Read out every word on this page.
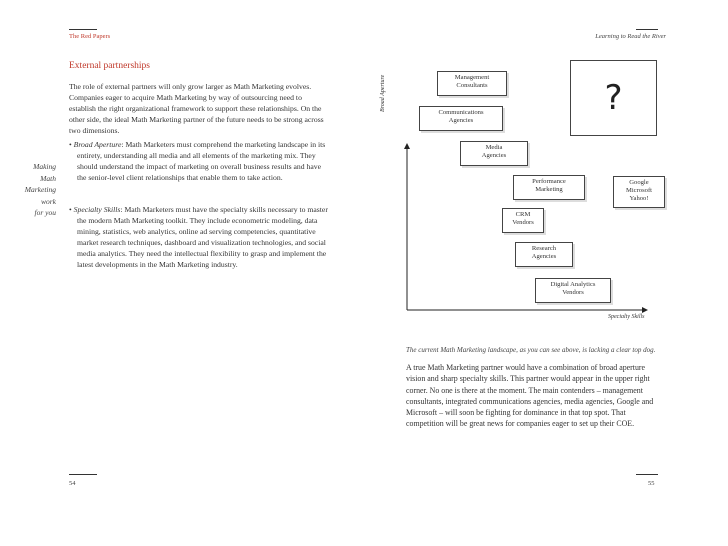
The Red Papers	Learning to Read the River
External partnerships
The role of external partners will only grow larger as Math Marketing evolves. Companies eager to acquire Math Marketing by way of outsourcing need to establish the right organizational framework to support these relationships. On the other side, the ideal Math Marketing partner of the future needs to be strong across two dimensions.
• Broad Aperture: Math Marketers must comprehend the marketing landscape in its entirety, understanding all media and all elements of the marketing mix. They should understand the impact of marketing on overall business results and have the senior-level client relationships that enable them to take action.
• Specialty Skills: Math Marketers must have the specialty skills necessary to master the modern Math Marketing toolkit. They include econometric modeling, data mining, statistics, web analytics, online ad serving competencies, quantitative market research techniques, dashboard and visualization technologies, and social media analytics. They need the intellectual flexibility to grasp and implement the latest developments in the Math Marketing industry.
Making
Math
Marketing
work
for you
54
Broad Aperture
Specialty Skills
?
Management
Consultants
Communications
Agencies
Media
Agencies
Performance
Marketing
Google
Microsoft
Yahoo!
CRM
Vendors
Research
Agencies
Digital Analytics
Vendors
The current Math Marketing landscape, as you can see above, is lacking a clear top dog.
A true Math Marketing partner would have a combination of broad aperture vision and sharp specialty skills. This partner would appear in the upper right corner. No one is there at the moment. The main contenders – management consultants, integrated communications agencies, media agencies, Google and Microsoft – will soon be fighting for dominance in that top spot. That competition will be great news for companies eager to set up their COE.
55
